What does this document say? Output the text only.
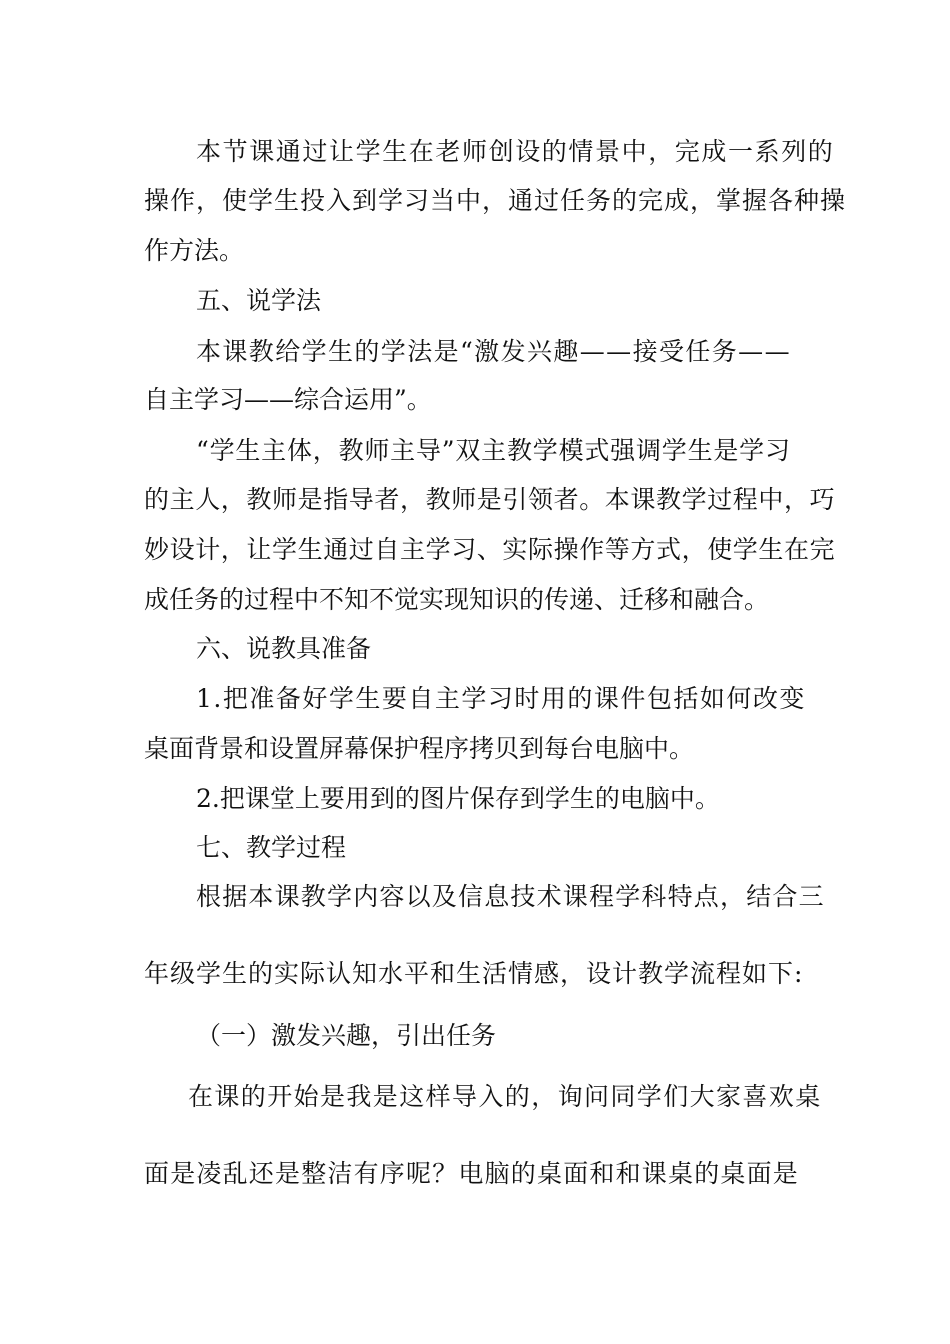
本节课通过让学生在老师创设的情景中，完成一系列的

操作，使学生投入到学习当中，通过任务的完成，掌握各种操

作方法。

五、说学法

本课教给学生的学法是“激发兴趣——接受任务——

自主学习——综合运用”。

“学生主体，教师主导”双主教学模式强调学生是学习

的主人，教师是指导者，教师是引领者。本课教学过程中，巧

妙设计，让学生通过自主学习、实际操作等方式，使学生在完

成任务的过程中不知不觉实现知识的传递、迁移和融合。

六、说教具准备

1.把准备好学生要自主学习时用的课件包括如何改变

桌面背景和设置屏幕保护程序拷贝到每台电脑中。

2.把课堂上要用到的图片保存到学生的电脑中。

七、教学过程

根据本课教学内容以及信息技术课程学科特点，结合三

年级学生的实际认知水平和生活情感，设计教学流程如下:

（一）激发兴趣，引出任务

在课的开始是我是这样导入的，询问同学们大家喜欢桌

面是凌乱还是整洁有序呢？电脑的桌面和和课桌的桌面是
